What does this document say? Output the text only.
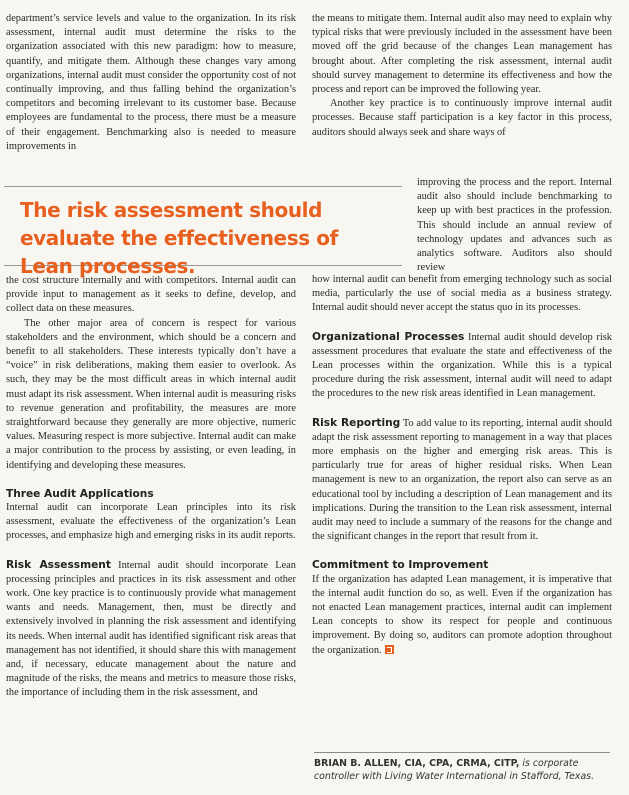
department’s service levels and value to the organization. In its risk assessment, internal audit must determine the risks to the organization associated with this new paradigm: how to measure, quantify, and mitigate them. Although these changes vary among organizations, internal audit must consider the opportunity cost of not continually improving, and thus falling behind the organization’s competitors and becoming irrelevant to its customer base. Because employees are fundamental to the process, there must be a measure of their engagement. Benchmarking also is needed to measure improvements in

the means to mitigate them. Internal audit also may need to explain why typical risks that were previously included in the assessment have been moved off the grid because of the changes Lean management has brought about. After completing the risk assessment, internal audit should survey management to determine its effectiveness and how the process and report can be improved the following year.

Another key practice is to continuously improve internal audit processes. Because staff participation is a key factor in this process, auditors should always seek and share ways of

The risk assessment should evaluate the effectiveness of Lean processes.

improving the process and the report. Internal audit also should include benchmarking to keep up with best practices in the profession. This should include an annual review of technology updates and advances such as analytics software. Auditors also should review

the cost structure internally and with competitors. Internal audit can provide input to management as it seeks to define, develop, and collect data on these measures.

The other major area of concern is respect for various stakeholders and the environment, which should be a concern and benefit to all stakeholders. These interests typically don’t have a “voice” in risk deliberations, making them easier to overlook. As such, they may be the most difficult areas in which internal audit must adapt its risk assessment. When internal audit is measuring risks to revenue generation and profitability, the measures are more straightforward because they generally are more objective, numeric values. Measuring respect is more subjective. Internal audit can make a major contribution to the process by assisting, or even leading, in identifying and developing these measures.

Three Audit Applications

Internal audit can incorporate Lean principles into its risk assessment, evaluate the effectiveness of the organization’s Lean processes, and emphasize high and emerging risks in its audit reports.

Risk Assessment Internal audit should incorporate Lean processing principles and practices in its risk assessment and other work. One key practice is to continuously provide what management wants and needs. Management, then, must be directly and extensively involved in planning the risk assessment and identifying its needs. When internal audit has identified significant risk areas that management has not identified, it should share this with management and, if necessary, educate management about the nature and magnitude of the risks, the means and metrics to measure those risks, the importance of including them in the risk assessment, and

how internal audit can benefit from emerging technology such as social media, particularly the use of social media as a business strategy. Internal audit should never accept the status quo in its processes.

Organizational Processes Internal audit should develop risk assessment procedures that evaluate the state and effectiveness of the Lean processes within the organization. While this is a typical procedure during the risk assessment, internal audit will need to adapt the procedures to the new risk areas identified in Lean management.

Risk Reporting To add value to its reporting, internal audit should adapt the risk assessment reporting to management in a way that places more emphasis on the higher and emerging risk areas. This is particularly true for areas of higher residual risks. When Lean management is new to an organization, the report also can serve as an educational tool by including a description of Lean management and its implications. During the transition to the Lean risk assessment, internal audit may need to include a summary of the reasons for the change and the significant changes in the report that result from it.

Commitment to Improvement

If the organization has adapted Lean management, it is imperative that the internal audit function do so, as well. Even if the organization has not enacted Lean management practices, internal audit can implement Lean concepts to show its respect for people and continuous improvement. By doing so, auditors can promote adoption throughout the organization.

BRIAN B. ALLEN, CIA, CPA, CRMA, CITP, is corporate controller with Living Water International in Stafford, Texas.
